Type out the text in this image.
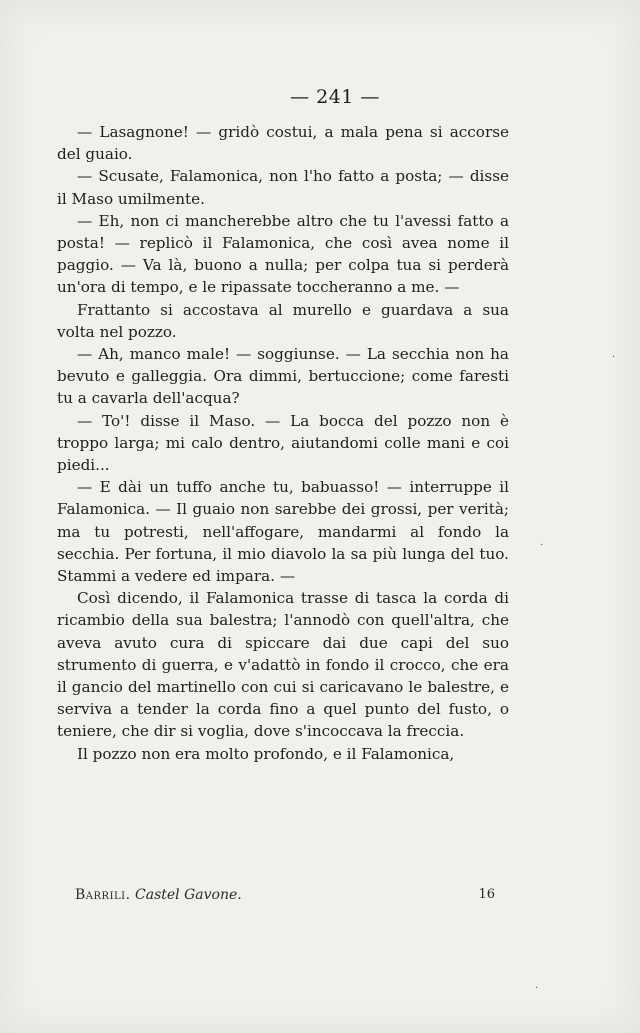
— 241 —

— Lasagnone! — gridò costui, a mala pena si accorse del guaio.

— Scusate, Falamonica, non l'ho fatto a posta; — disse il Maso umilmente.

— Eh, non ci mancherebbe altro che tu l'avessi fatto a posta! — replicò il Falamonica, che così avea nome il paggio. — Va là, buono a nulla; per colpa tua si perderà un'ora di tempo, e le ripassate toccheranno a me. —

Frattanto si accostava al murello e guardava a sua volta nel pozzo.

— Ah, manco male! — soggiunse. — La secchia non ha bevuto e galleggia. Ora dimmi, bertuccione; come faresti tu a cavarla dell'acqua?

— To'! disse il Maso. — La bocca del pozzo non è troppo larga; mi calo dentro, aiutandomi colle mani e coi piedi...

— E dài un tuffo anche tu, babuasso! — interruppe il Falamonica. — Il guaio non sarebbe dei grossi, per verità; ma tu potresti, nell'affogare, mandarmi al fondo la secchia. Per fortuna, il mio diavolo la sa più lunga del tuo. Stammi a vedere ed impara. —

Così dicendo, il Falamonica trasse di tasca la corda di ricambio della sua balestra; l'annodò con quell'altra, che aveva avuto cura di spiccare dai due capi del suo strumento di guerra, e v'adattò in fondo il crocco, che era il gancio del martinello con cui si caricavano le balestre, e serviva a tender la corda fino a quel punto del fusto, o teniere, che dir si voglia, dove s'incoccava la freccia.

Il pozzo non era molto profondo, e il Falamonica,

Barrili. Castel Gavone.	16
·
·
·
